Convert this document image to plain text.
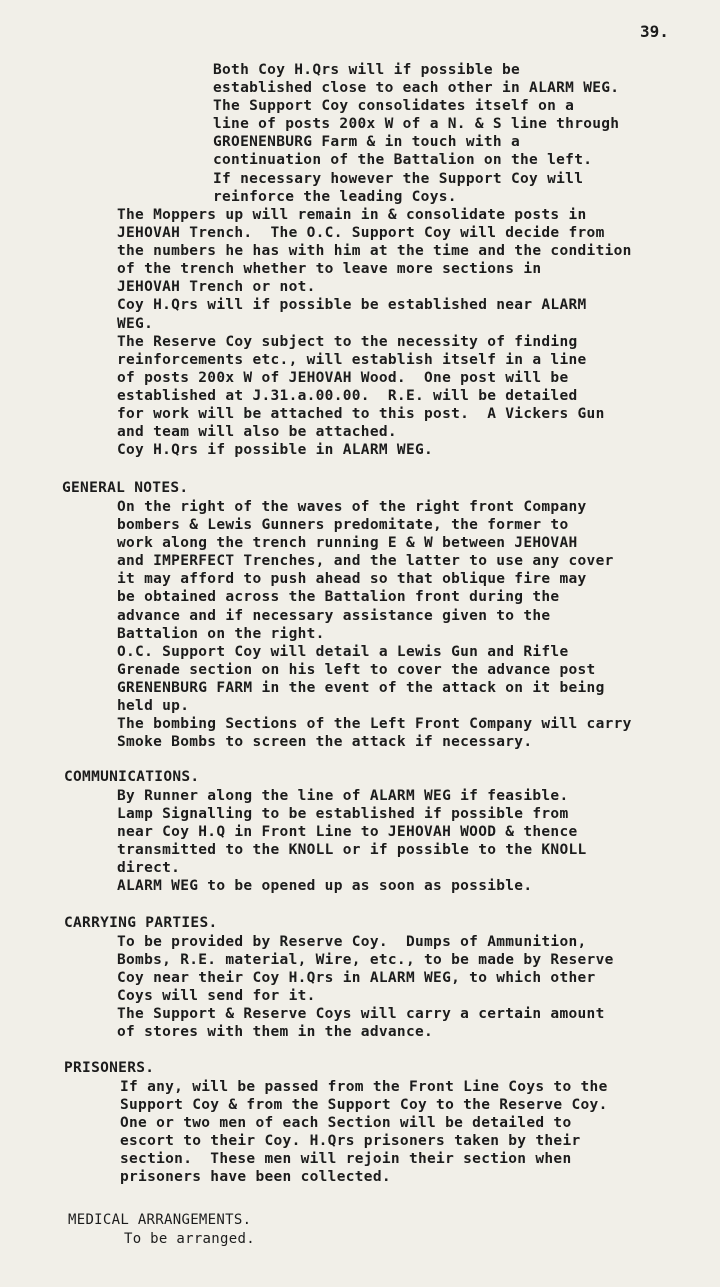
39.
Both Coy H.Qrs will if possible be
established close to each other in ALARM WEG.
The Support Coy consolidates itself on a
line of posts 200x W of a N. & S line through
GROENENBURG Farm & in touch with a
continuation of the Battalion on the left.
If necessary however the Support Coy will
reinforce the leading Coys.
The Moppers up will remain in & consolidate posts in
JEHOVAH Trench.  The O.C. Support Coy will decide from
the numbers he has with him at the time and the condition
of the trench whether to leave more sections in
JEHOVAH Trench or not.
Coy H.Qrs will if possible be established near ALARM
WEG.
The Reserve Coy subject to the necessity of finding
reinforcements etc., will establish itself in a line
of posts 200x W of JEHOVAH Wood.  One post will be
established at J.31.a.00.00.  R.E. will be detailed
for work will be attached to this post.  A Vickers Gun
and team will also be attached.
Coy H.Qrs if possible in ALARM WEG.
GENERAL NOTES.
On the right of the waves of the right front Company
bombers & Lewis Gunners predomitate, the former to
work along the trench running E & W between JEHOVAH
and IMPERFECT Trenches, and the latter to use any cover
it may afford to push ahead so that oblique fire may
be obtained across the Battalion front during the
advance and if necessary assistance given to the
Battalion on the right.
O.C. Support Coy will detail a Lewis Gun and Rifle
Grenade section on his left to cover the advance post
GRENENBURG FARM in the event of the attack on it being
held up.
The bombing Sections of the Left Front Company will carry
Smoke Bombs to screen the attack if necessary.
COMMUNICATIONS.
By Runner along the line of ALARM WEG if feasible.
Lamp Signalling to be established if possible from
near Coy H.Q in Front Line to JEHOVAH WOOD & thence
transmitted to the KNOLL or if possible to the KNOLL
direct.
ALARM WEG to be opened up as soon as possible.
CARRYING PARTIES.
To be provided by Reserve Coy.  Dumps of Ammunition,
Bombs, R.E. material, Wire, etc., to be made by Reserve
Coy near their Coy H.Qrs in ALARM WEG, to which other
Coys will send for it.
The Support & Reserve Coys will carry a certain amount
of stores with them in the advance.
PRISONERS.
If any, will be passed from the Front Line Coys to the
Support Coy & from the Support Coy to the Reserve Coy.
One or two men of each Section will be detailed to
escort to their Coy. H.Qrs prisoners taken by their
section.  These men will rejoin their section when
prisoners have been collected.
MEDICAL ARRANGEMENTS.
To be arranged.
